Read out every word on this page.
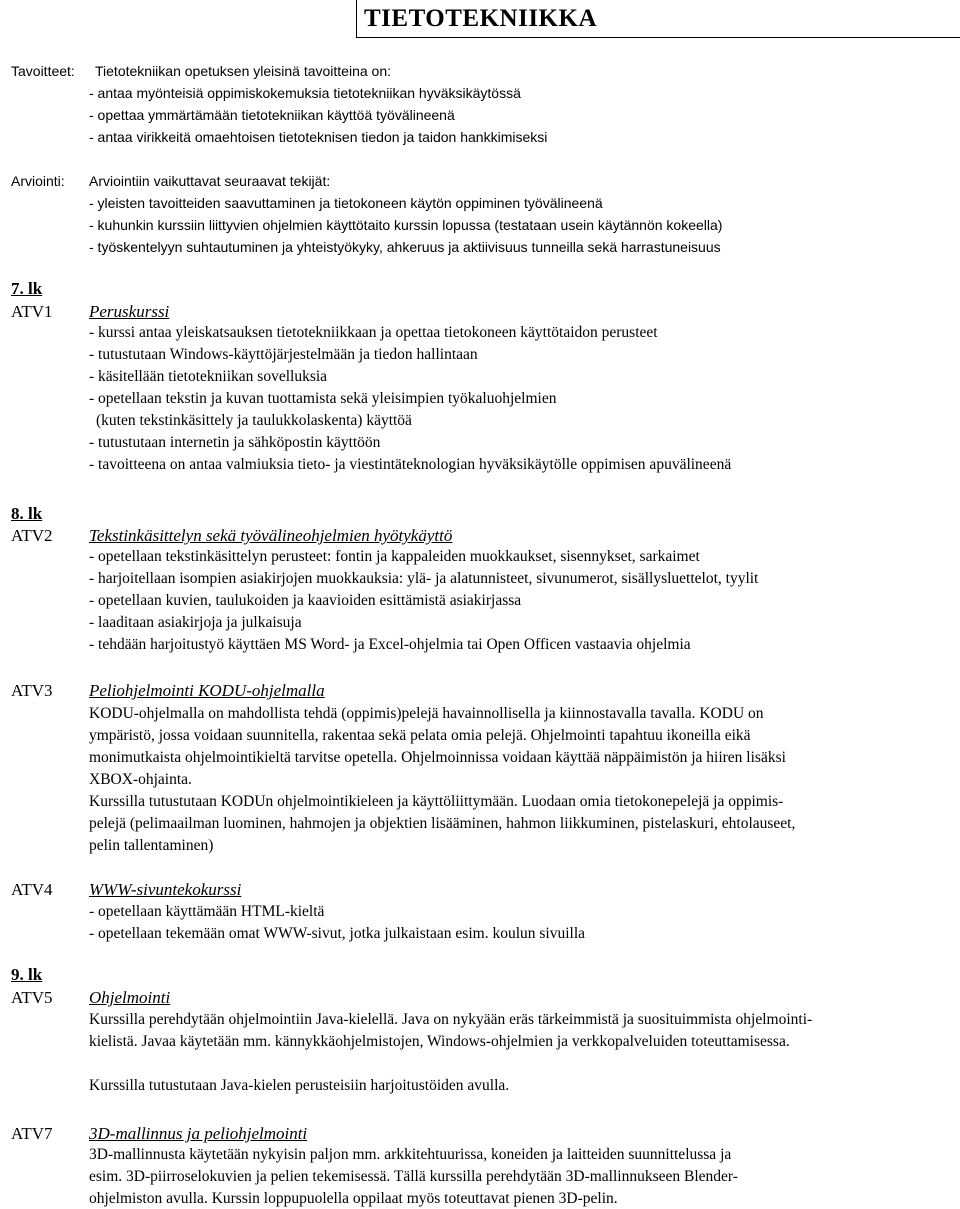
TIETOTEKNIIKKA
Tavoitteet: Tietotekniikan opetuksen yleisinä tavoitteina on:
- antaa myönteisiä oppimiskokemuksia tietotekniikan hyväksikäytössä
- opettaa ymmärtämään tietotekniikan käyttöä työvälineenä
- antaa virikkeitä omaehtoisen tietoteknisen tiedon ja taidon hankkimiseksi
Arviointi: Arviointiin vaikuttavat seuraavat tekijät:
- yleisten tavoitteiden saavuttaminen ja tietokoneen käytön oppiminen työvälineenä
- kuhunkin kurssiin liittyvien ohjelmien käyttötaito kurssin lopussa (testataan usein käytännön kokeella)
- työskentelyyn suhtautuminen ja yhteistyökyky, ahkeruus ja aktiivisuus tunneilla sekä harrastuneisuus
7. lk
8. lk
9. lk
ATV1 Peruskurssi
- kurssi antaa yleiskatsauksen tietotekniikkaan ja opettaa tietokoneen käyttötaidon perusteet
- tutustutaan Windows-käyttöjärjestelmään ja tiedon hallintaan
- käsitellään tietotekniikan sovelluksia
- opetellaan tekstin ja kuvan tuottamista sekä yleisimpien työkaluohjelmien
(kuten tekstinkäsittely ja taulukkolaskenta) käyttöä
- tutustutaan internetin ja sähköpostin käyttöön
- tavoitteena on antaa valmiuksia tieto- ja viestintäteknologian hyväksikäytölle oppimisen apuvälineenä
ATV2 Tekstinkäsittelyn sekä työvälineohjelmien hyötykäyttö
- opetellaan tekstinkäsittelyn perusteet: fontin ja kappaleiden muokkaukset, sisennykset, sarkaimet
- harjoitellaan isompien asiakirjojen muokkauksia: ylä- ja alatunnisteet, sivunumerot, sisällysluettelot, tyylit
- opetellaan kuvien, taulukoiden ja kaavioiden esittämistä asiakirjassa
- laaditaan asiakirjoja ja julkaisuja
- tehdään harjoitustyö käyttäen MS Word- ja Excel-ohjelmia tai Open Officen vastaavia ohjelmia
ATV3 Peliohjelmointi KODU-ohjelmalla
KODU-ohjelmalla on mahdollista tehdä (oppimis)pelejä havainnollisella ja kiinnostavalla tavalla. KODU on
ympäristö, jossa voidaan suunnitella, rakentaa sekä pelata omia pelejä. Ohjelmointi tapahtuu ikoneilla eikä
monimutkaista ohjelmointikieltä tarvitse opetella. Ohjelmoinnissa voidaan käyttää näppäimistön ja hiiren lisäksi
XBOX-ohjainta.
Kurssilla tutustutaan KODUn ohjelmointikieleen ja käyttöliittymään. Luodaan omia tietokonepelejä ja oppimis-
pelejä (pelimaailman luominen, hahmojen ja objektien lisääminen, hahmon liikkuminen, pistelaskuri, ehtolauseet,
pelin tallentaminen)
ATV4 WWW-sivuntekokurssi
- opetellaan käyttämään HTML-kieltä
- opetellaan tekemään omat WWW-sivut, jotka julkaistaan esim. koulun sivuilla
ATV5 Ohjelmointi
Kurssilla perehdytään ohjelmointiin Java-kielellä. Java on nykyään eräs tärkeimmistä ja suosituimmista ohjelmointi-
kielistä. Javaa käytetään mm. kännykkäohjelmistojen, Windows-ohjelmien ja verkkopalveluiden toteuttamisessa.
Kurssilla tutustutaan Java-kielen perusteisiin harjoitustöiden avulla.
ATV7 3D-mallinnus ja peliohjelmointi
3D-mallinnusta käytetään nykyisin paljon mm. arkkitehtuurissa, koneiden ja laitteiden suunnittelussa ja
esim. 3D-piirroselokuvien ja pelien tekemisessä. Tällä kurssilla perehdytään 3D-mallinnukseen Blender-
ohjelmiston avulla. Kurssin loppupuolella oppilaat myös toteuttavat pienen 3D-pelin.
